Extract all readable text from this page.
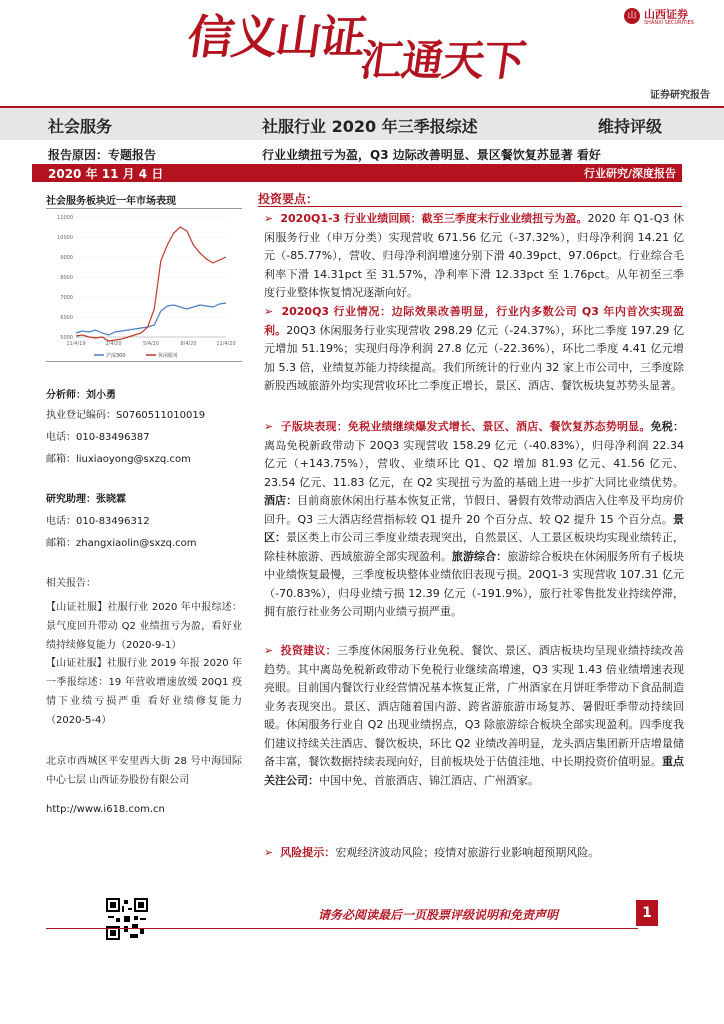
信义山证汇通天下
山 山西证券
SHANXI SECURITIES
证券研究报告
社会服务	社服行业 2020 年三季报综述	维持评级
报告原因：专题报告	行业业绩扭亏为盈，Q3 边际改善明显、景区餐饮复苏显著 看好
2020 年 11 月 4 日	行业研究/深度报告
社会服务板块近一年市场表现
11000
10000
9000
8000
7000
6000
5000
11/4/19	2/4/20	5/4/20	8/4/20	11/4/20
沪深300	休闲服务
分析师：刘小勇
执业登记编码：S0760511010019
电话：010-83496387
邮箱：liuxiaoyong@sxzq.com
研究助理：张晓霖
电话：010-83496312
邮箱：zhangxiaolin@sxzq.com
相关报告：
【山证社服】社服行业 2020 年中报综述：景气度回升带动 Q2 业绩扭亏为盈，看好业绩持续修复能力（2020-9-1）
【山证社服】社服行业 2019 年报 2020 年一季报综述：19 年营收增速放缓 20Q1 疫情下业绩亏损严重 看好业绩修复能力（2020-5-4）
北京市西城区平安里西大街 28 号中海国际中心七层 山西证券股份有限公司
http://www.i618.com.cn
投资要点：
➢ 2020Q1-3 行业业绩回顾：截至三季度末行业业绩扭亏为盈。2020 年 Q1-Q3 休闲服务行业（申万分类）实现营收 671.56 亿元（-37.32%），归母净利润 14.21 亿元（-85.77%），营收、归母净利润增速分别下滑 40.39pct、97.06pct。行业综合毛利率下滑 14.31pct 至 31.57%，净利率下滑 12.33pct 至 1.76pct。从年初至三季度行业整体恢复情况逐渐向好。
➢ 2020Q3 行业情况：边际效果改善明显，行业内多数公司 Q3 年内首次实现盈利。20Q3 休闲服务行业实现营收 298.29 亿元（-24.37%），环比二季度 197.29 亿元增加 51.19%；实现归母净利润 27.8 亿元（-22.36%），环比二季度 4.41 亿元增加 5.3 倍，业绩复苏能力持续提高。我们所统计的行业内 32 家上市公司中，三季度除新股西域旅游外均实现营收环比二季度正增长，景区、酒店、餐饮板块复苏势头显著。
➢ 子版块表现：免税业绩继续爆发式增长、景区、酒店、餐饮复苏态势明显。免税：离岛免税新政带动下 20Q3 实现营收 158.29 亿元（-40.83%），归母净利润 22.34 亿元（+143.75%），营收、业绩环比 Q1、Q2 增加 81.93 亿元、41.56 亿元、23.54 亿元、11.83 亿元，在 Q2 实现扭亏为盈的基础上进一步扩大同比业绩优势。酒店：目前商旅休闲出行基本恢复正常，节假日、暑假有效带动酒店入住率及平均房价回升。Q3 三大酒店经营指标较 Q1 提升 20 个百分点、较 Q2 提升 15 个百分点。景区：景区类上市公司三季度业绩表现突出，自然景区、人工景区板块均实现业绩转正，除桂林旅游、西域旅游全部实现盈利。旅游综合：旅游综合板块在休闲服务所有子板块中业绩恢复最慢，三季度板块整体业绩依旧表现亏损。20Q1-3 实现营收 107.31 亿元（-70.83%），归母业绩亏损 12.39 亿元（-191.9%），旅行社零售批发业持续停滞，拥有旅行社业务公司期内业绩亏损严重。
➢ 投资建议：三季度休闲服务行业免税、餐饮、景区、酒店板块均呈现业绩持续改善趋势。其中离岛免税新政带动下免税行业继续高增速，Q3 实现 1.43 倍业绩增速表现亮眼。目前国内餐饮行业经营情况基本恢复正常，广州酒家在月饼旺季带动下食品制造业务表现突出。景区、酒店随着国内游、跨省游旅游市场复苏、暑假旺季带动持续回暖。休闲服务行业自 Q2 出现业绩拐点，Q3 除旅游综合板块全部实现盈利。四季度我们建议持续关注酒店、餐饮板块，环比 Q2 业绩改善明显，龙头酒店集团新开店增量储备丰富，餐饮数据持续表现向好，目前板块处于估值洼地、中长期投资价值明显。重点关注公司：中国中免、首旅酒店、锦江酒店、广州酒家。
➢ 风险提示：宏观经济波动风险；疫情对旅游行业影响超预期风险。
请务必阅读最后一页股票评级说明和免责声明	1
